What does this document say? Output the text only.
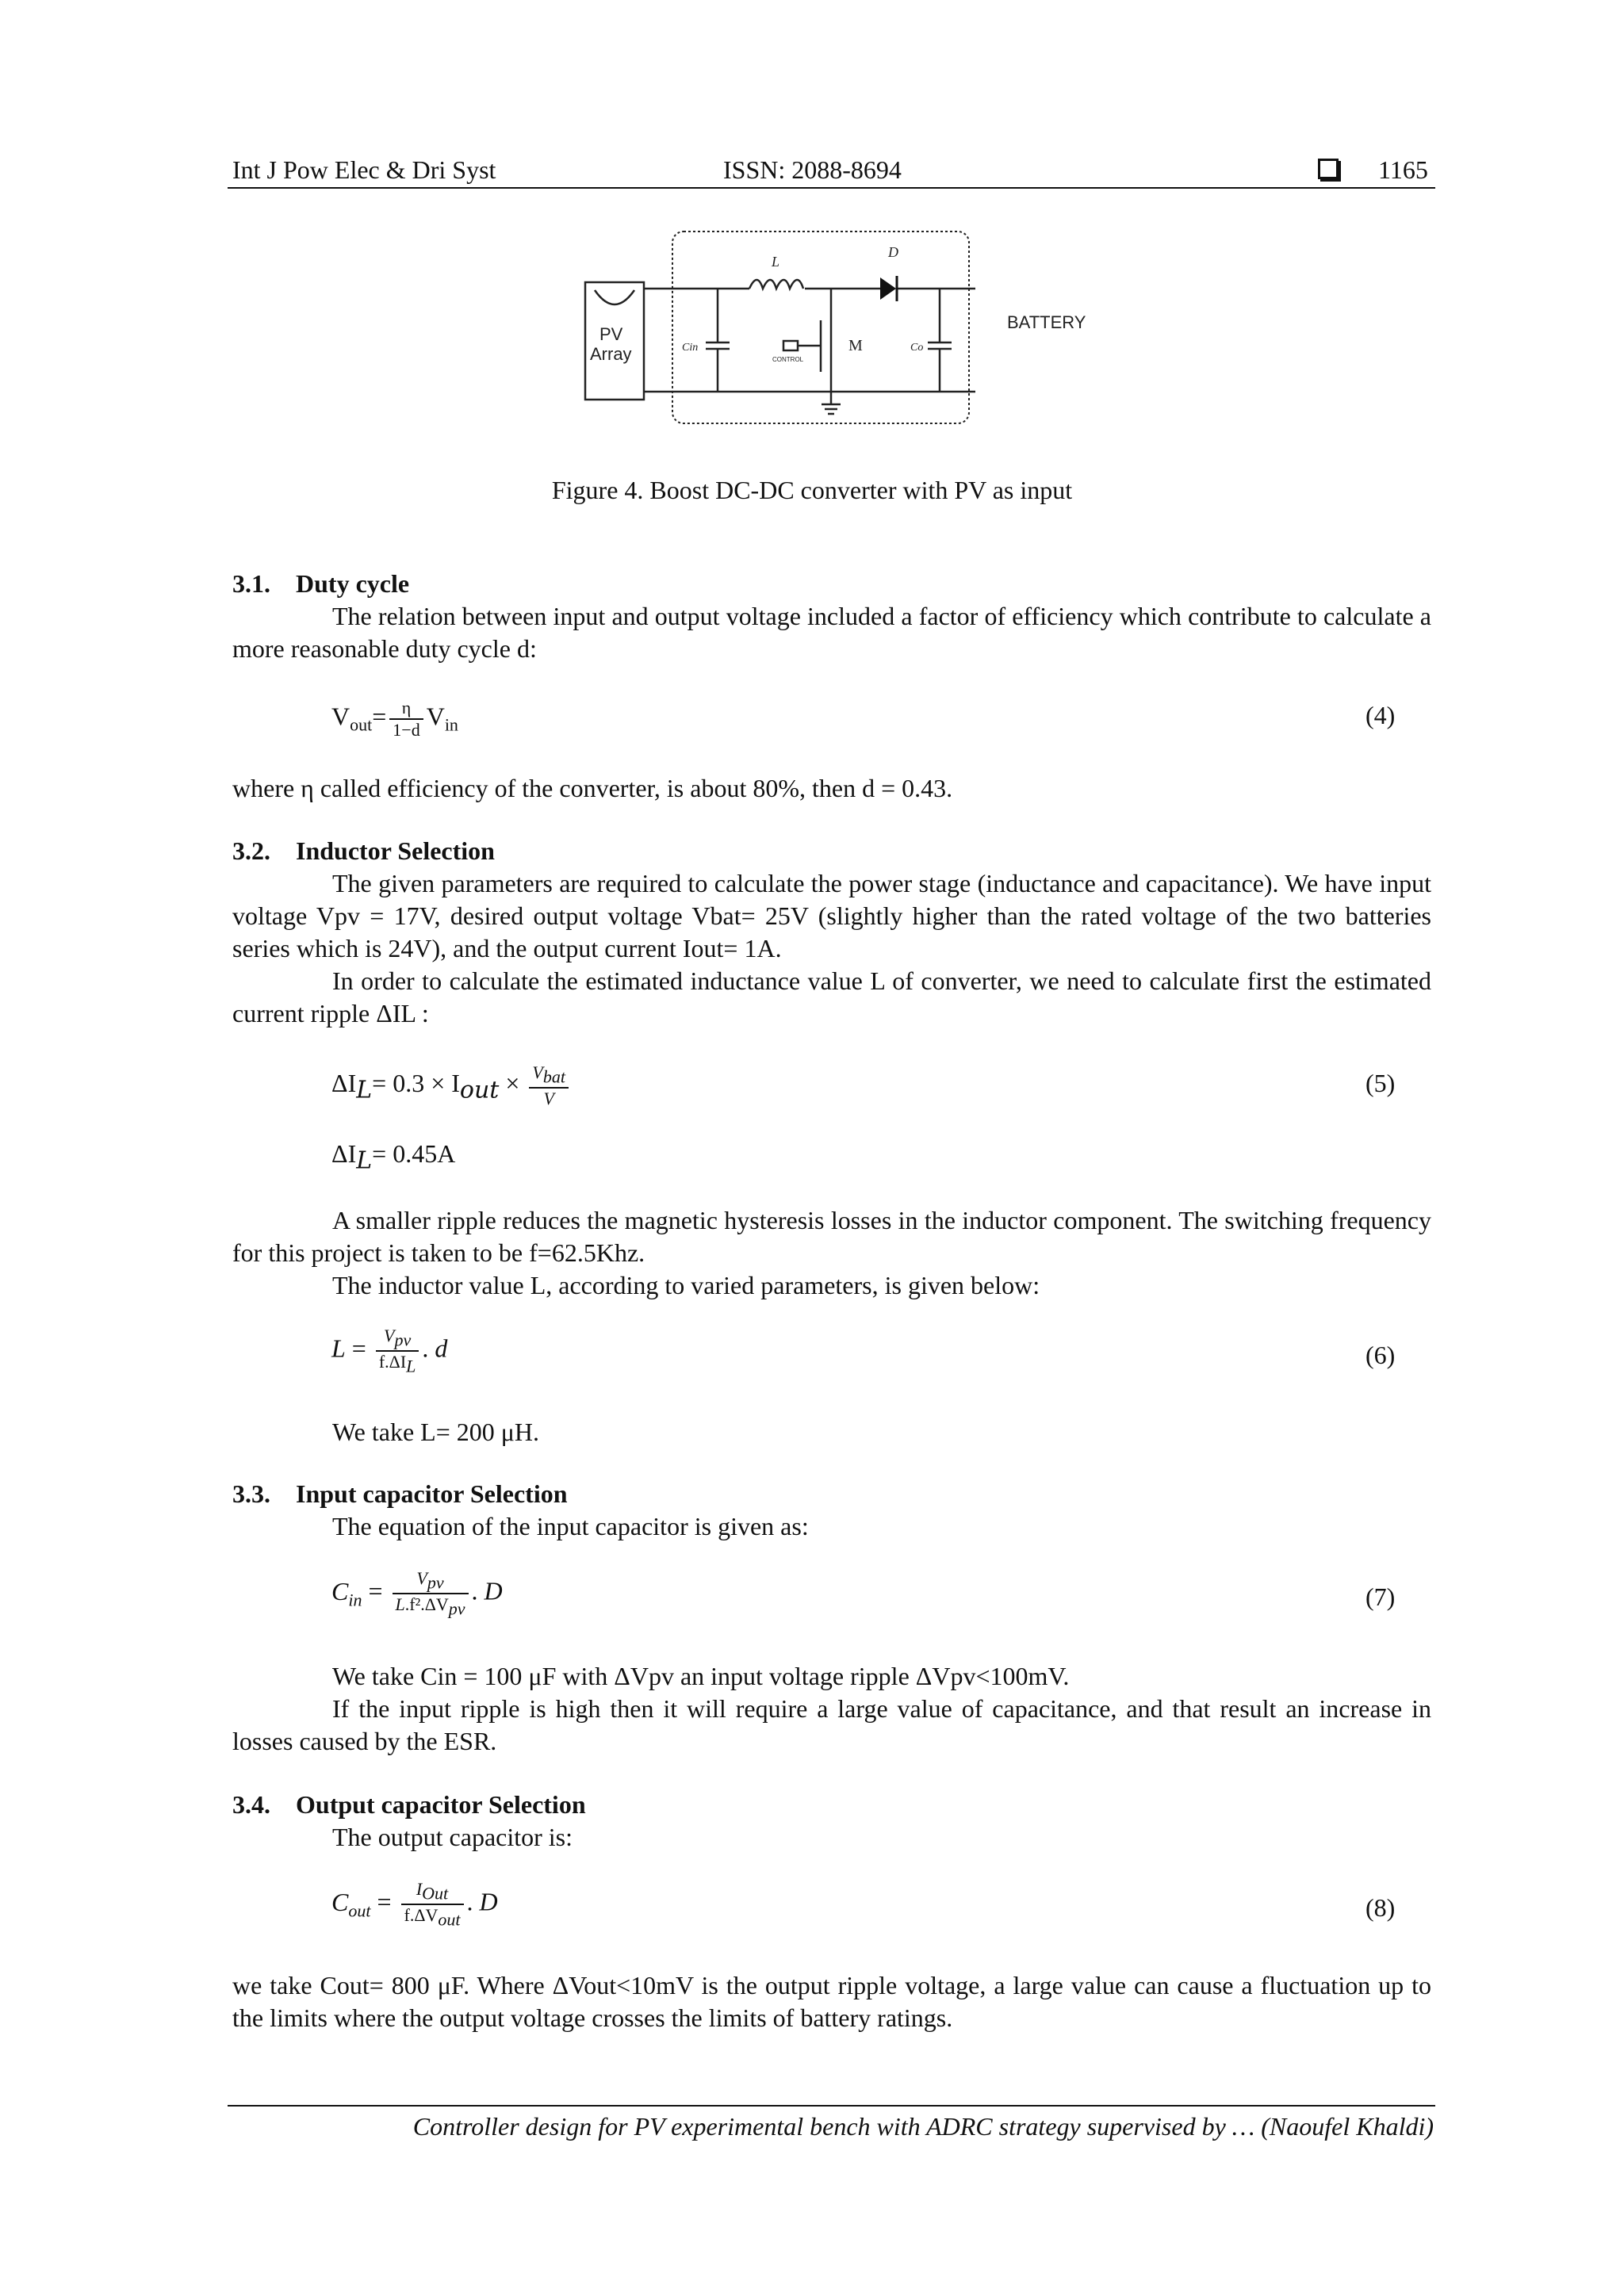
Int J Pow Elec & Dri Syst	ISSN: 2088-8694	1165
PV
Array
L
D
M
Cin	Co
CONTROL
BATTERY
Figure 4. Boost DC-DC converter with PV as input
3.1. Duty cycle
The relation between input and output voltage included a factor of efficiency which contribute to calculate a more reasonable duty cycle d:
$V_{out}= \frac{\eta}{1-d} V_{in}$	(4)
where η called efficiency of the converter, is about 80%, then d = 0.43.
3.2. Inductor Selection
The given parameters are required to calculate the power stage (inductance and capacitance). We have input voltage Vpv = 17V, desired output voltage Vbat= 25V (slightly higher than the rated voltage of the two batteries series which is 24V), and the output current Iout= 1A.
In order to calculate the estimated inductance value L of converter, we need to calculate first the estimated current ripple ΔIL :
$\Delta I_L= 0.3 \times I_{out} \times \frac{V_{bat}}{V}$	(5)
$\Delta I_L= 0.45A$
A smaller ripple reduces the magnetic hysteresis losses in the inductor component. The switching frequency for this project is taken to be f=62.5Khz.
The inductor value L, according to varied parameters, is given below:
$L = \frac{V_{pv}}{f.\Delta I_L}$ . d	(6)
We take L= 200 μH.
3.3. Input capacitor Selection
The equation of the input capacitor is given as:
$C_{in} = \frac{V_{pv}}{L.f^2.\Delta V_{pv}}$ . D	(7)
We take Cin = 100 μF with ΔVpv an input voltage ripple ΔVpv<100mV.
If the input ripple is high then it will require a large value of capacitance, and that result an increase in losses caused by the ESR.
3.4. Output capacitor Selection
The output capacitor is:
$C_{out} = \frac{I_{Out}}{f.\Delta V_{out}}$ . D	(8)
we take Cout= 800 μF. Where ΔVout<10mV is the output ripple voltage, a large value can cause a fluctuation up to the limits where the output voltage crosses the limits of battery ratings.
Controller design for PV experimental bench with ADRC strategy supervised by … (Naoufel Khaldi)
